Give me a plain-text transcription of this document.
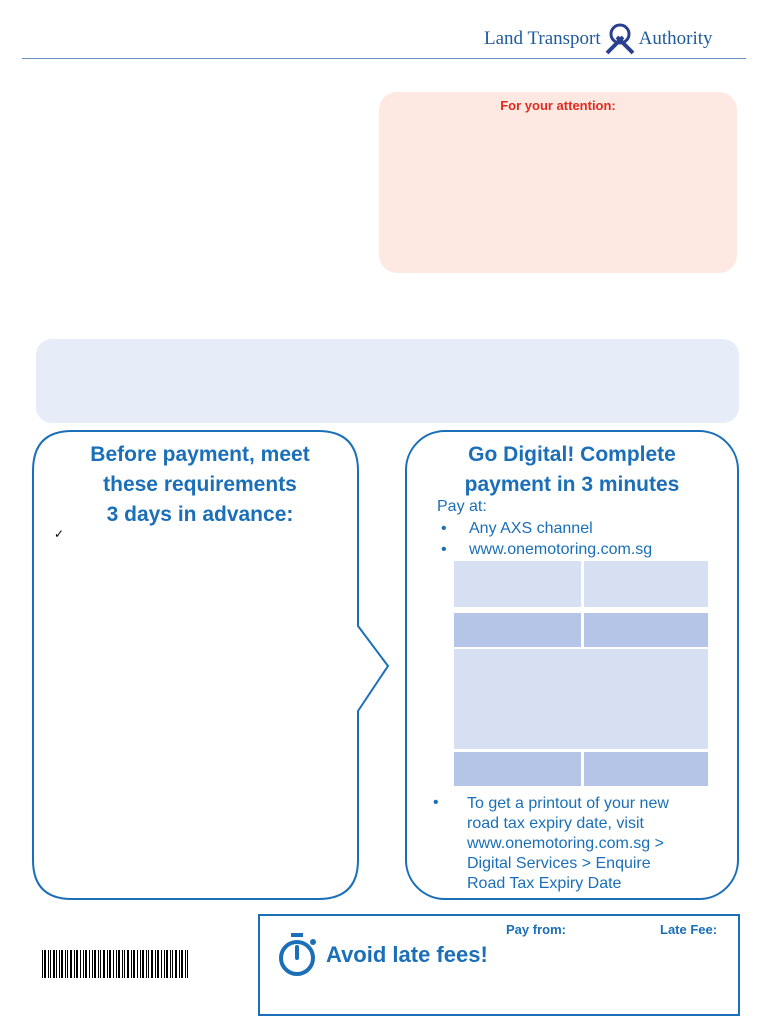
Land Transport Authority
For your attention:
Before payment, meet
these requirements
3 days in advance:
✓
Go Digital! Complete
payment in 3 minutes
Pay at:
•	Any AXS channel
•	www.onemotoring.com.sg
•	To get a printout of your new
road tax expiry date, visit
www.onemotoring.com.sg >
Digital Services > Enquire
Road Tax Expiry Date
Pay from:	Late Fee:
Avoid late fees!
